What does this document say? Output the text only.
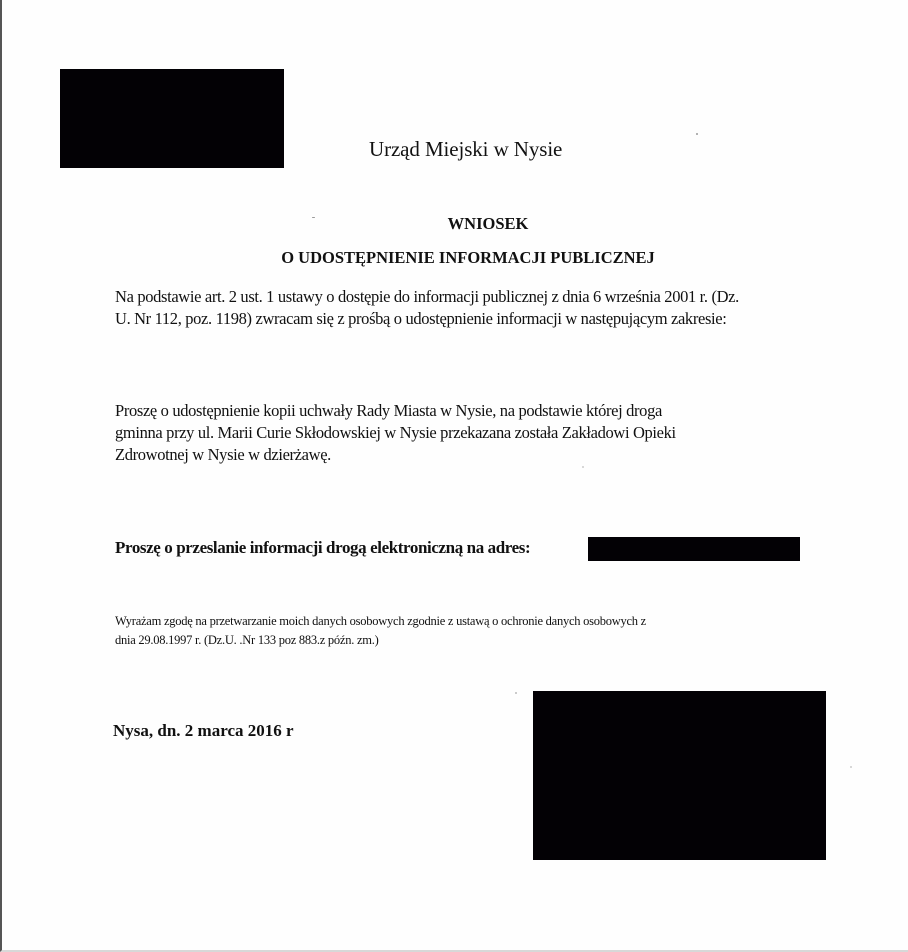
Urząd Miejski w Nysie
WNIOSEK
O UDOSTĘPNIENIE INFORMACJI PUBLICZNEJ
Na podstawie art. 2 ust. 1 ustawy o dostępie do informacji publicznej z dnia 6 września 2001 r. (Dz.
U. Nr 112, poz. 1198) zwracam się z prośbą o udostępnienie informacji w następującym zakresie:
Proszę o udostępnienie kopii uchwały Rady Miasta w Nysie, na podstawie której droga
gminna przy ul. Marii Curie Skłodowskiej w Nysie przekazana została Zakładowi Opieki
Zdrowotnej w Nysie w dzierżawę.
Proszę o przeslanie informacji drogą elektroniczną na adres:
Wyrażam zgodę na przetwarzanie moich danych osobowych zgodnie z ustawą o ochronie danych osobowych z
dnia 29.08.1997 r. (Dz.U. .Nr 133 poz 883.z późn. zm.)
Nysa, dn. 2 marca 2016 r
